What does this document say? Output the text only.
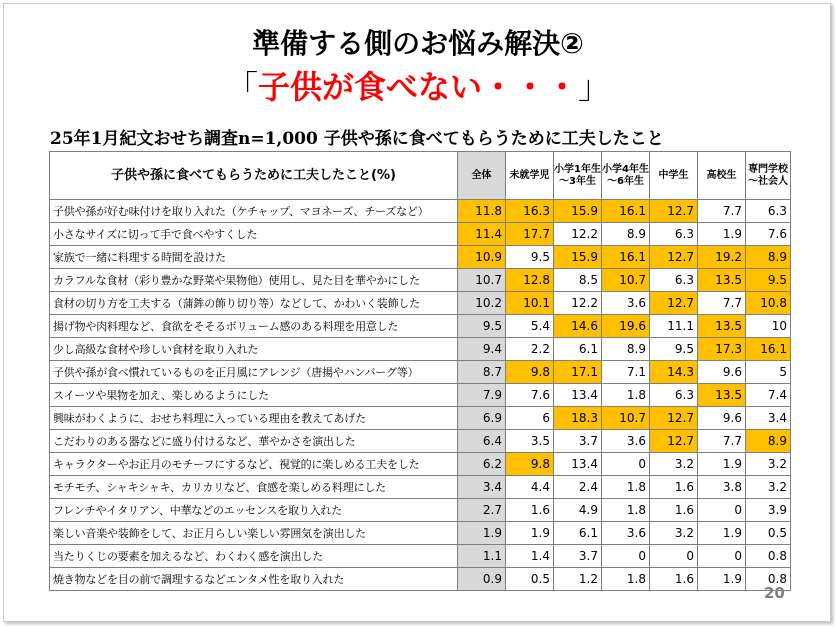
準備する側のお悩み解決②
「子供が食べない・・・」
25年1月紀文おせち調査n=1,000 子供や孫に食べてもらうために工夫したこと
子供や孫に食べてもらうために工夫したこと(%)	全体	未就学児	小学1年生～3年生	小学4年生～6年生	中学生	高校生	専門学校～社会人
子供や孫が好む味付けを取り入れた（ケチャップ、マヨネーズ、チーズなど）	11.8	16.3	15.9	16.1	12.7	7.7	6.3
小さなサイズに切って手で食べやすくした	11.4	17.7	12.2	8.9	6.3	1.9	7.6
家族で一緒に料理する時間を設けた	10.9	9.5	15.9	16.1	12.7	19.2	8.9
カラフルな食材（彩り豊かな野菜や果物他）使用し、見た目を華やかにした	10.7	12.8	8.5	10.7	6.3	13.5	9.5
食材の切り方を工夫する（蒲鉾の飾り切り等）などして、かわいく装飾した	10.2	10.1	12.2	3.6	12.7	7.7	10.8
揚げ物や肉料理など、食欲をそそるボリューム感のある料理を用意した	9.5	5.4	14.6	19.6	11.1	13.5	10
少し高級な食材や珍しい食材を取り入れた	9.4	2.2	6.1	8.9	9.5	17.3	16.1
子供や孫が食べ慣れているものを正月風にアレンジ（唐揚やハンバーグ等）	8.7	9.8	17.1	7.1	14.3	9.6	5
スイーツや果物を加え、楽しめるようにした	7.9	7.6	13.4	1.8	6.3	13.5	7.4
興味がわくように、おせち料理に入っている理由を教えてあげた	6.9	6	18.3	10.7	12.7	9.6	3.4
こだわりのある器などに盛り付けるなど、華やかさを演出した	6.4	3.5	3.7	3.6	12.7	7.7	8.9
キャラクターやお正月のモチーフにするなど、視覚的に楽しめる工夫をした	6.2	9.8	13.4	0	3.2	1.9	3.2
モチモチ、シャキシャキ、カリカリなど、食感を楽しめる料理にした	3.4	4.4	2.4	1.8	1.6	3.8	3.2
フレンチやイタリアン、中華などのエッセンスを取り入れた	2.7	1.6	4.9	1.8	1.6	0	3.9
楽しい音楽や装飾をして、お正月らしい楽しい雰囲気を演出した	1.9	1.9	6.1	3.6	3.2	1.9	0.5
当たりくじの要素を加えるなど、わくわく感を演出した	1.1	1.4	3.7	0	0	0	0.8
焼き物などを目の前で調理するなどエンタメ性を取り入れた	0.9	0.5	1.2	1.8	1.6	1.9	0.8
20
